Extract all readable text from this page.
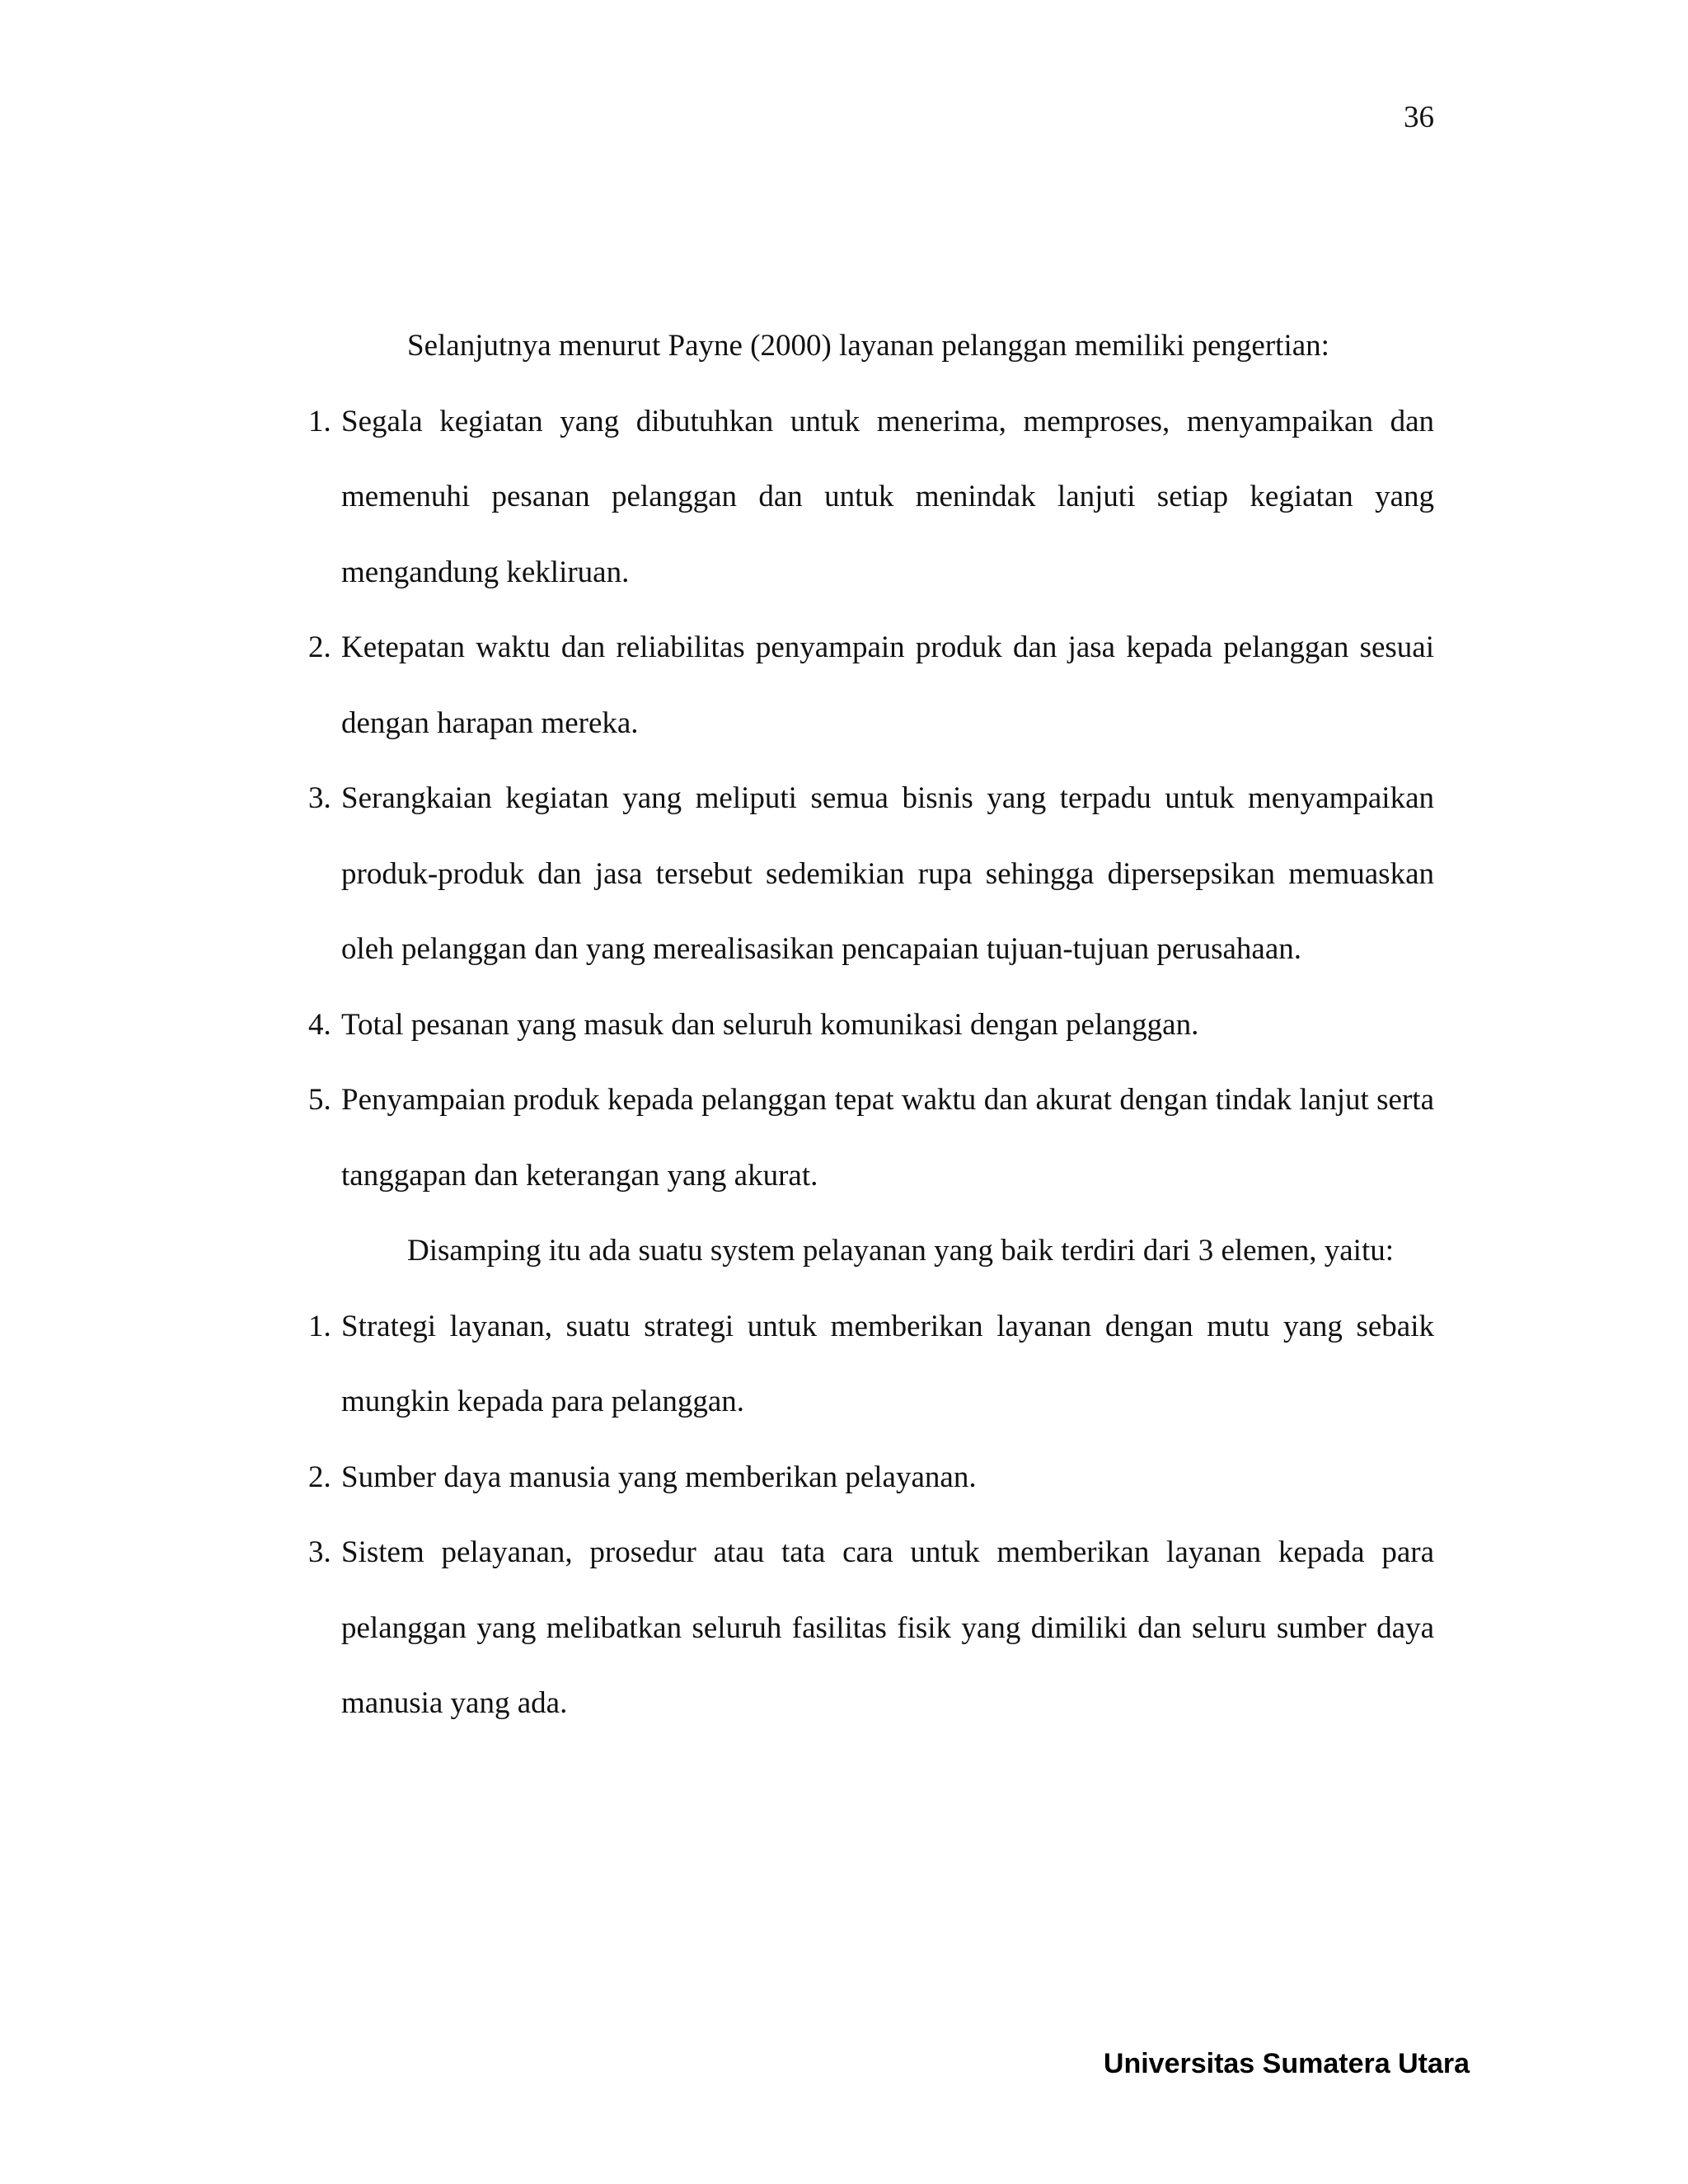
36

Selanjutnya menurut Payne (2000) layanan pelanggan memiliki pengertian:

1. Segala kegiatan yang dibutuhkan untuk menerima, memproses, menyampaikan dan memenuhi pesanan pelanggan dan untuk menindak lanjuti setiap kegiatan yang mengandung kekliruan.
2. Ketepatan waktu dan reliabilitas penyampain produk dan jasa kepada pelanggan sesuai dengan harapan mereka.
3. Serangkaian kegiatan yang meliputi semua bisnis yang terpadu untuk menyampaikan produk-produk dan jasa tersebut sedemikian rupa sehingga dipersepsikan memuaskan oleh pelanggan dan yang merealisasikan pencapaian tujuan-tujuan perusahaan.
4. Total pesanan yang masuk dan seluruh komunikasi dengan pelanggan.
5. Penyampaian produk kepada pelanggan tepat waktu dan akurat dengan tindak lanjut serta tanggapan dan keterangan yang akurat.

Disamping itu ada suatu system pelayanan yang baik terdiri dari 3 elemen, yaitu:

1. Strategi layanan, suatu strategi untuk memberikan layanan dengan mutu yang sebaik mungkin kepada para pelanggan.
2. Sumber daya manusia yang memberikan pelayanan.
3. Sistem pelayanan, prosedur atau tata cara untuk memberikan layanan kepada para pelanggan yang melibatkan seluruh fasilitas fisik yang dimiliki dan seluru sumber daya manusia yang ada.
Universitas Sumatera Utara
